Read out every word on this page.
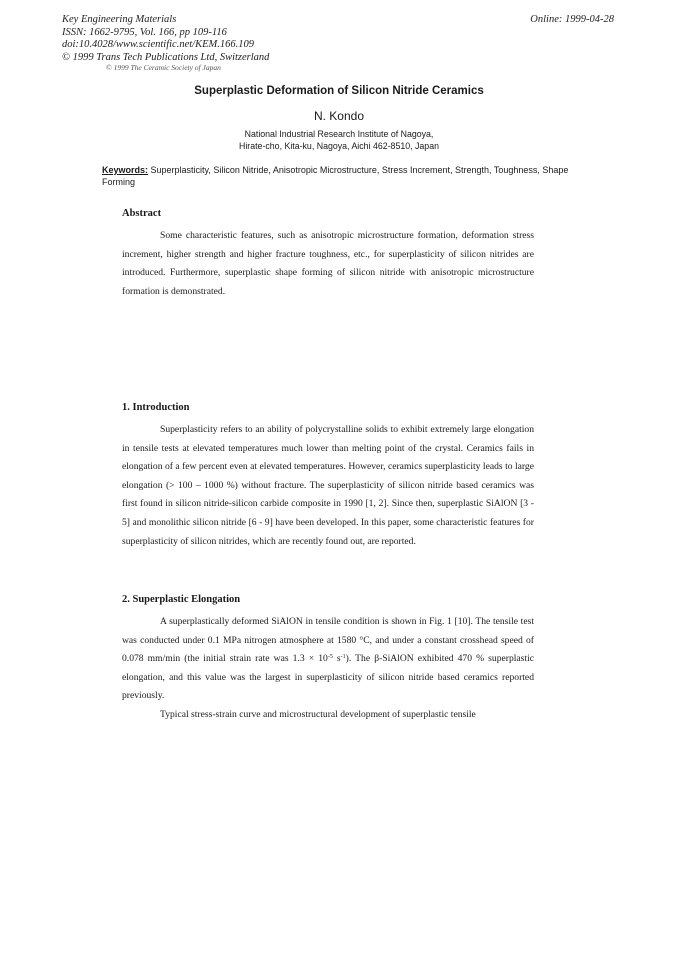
Key Engineering Materials
ISSN: 1662-9795, Vol. 166, pp 109-116
doi:10.4028/www.scientific.net/KEM.166.109
© 1999 Trans Tech Publications Ltd, Switzerland
Online: 1999-04-28
© 1999 The Ceramic Society of Japan
Superplastic Deformation of Silicon Nitride Ceramics
N. Kondo
National Industrial Research Institute of Nagoya,
Hirate-cho, Kita-ku, Nagoya, Aichi 462-8510, Japan
Keywords: Superplasticity, Silicon Nitride, Anisotropic Microstructure, Stress Increment, Strength, Toughness, Shape Forming
Abstract

Some characteristic features, such as anisotropic microstructure formation, deformation stress increment, higher strength and higher fracture toughness, etc., for superplasticity of silicon nitrides are introduced. Furthermore, superplastic shape forming of silicon nitride with anisotropic microstructure formation is demonstrated.

1. Introduction

Superplasticity refers to an ability of polycrystalline solids to exhibit extremely large elongation in tensile tests at elevated temperatures much lower than melting point of the crystal. Ceramics fails in elongation of a few percent even at elevated temperatures. However, ceramics superplasticity leads to large elongation (> 100 – 1000 %) without fracture. The superplasticity of silicon nitride based ceramics was first found in silicon nitride-silicon carbide composite in 1990 [1, 2]. Since then, superplastic SiAlON [3 - 5] and monolithic silicon nitride [6 - 9] have been developed. In this paper, some characteristic features for superplasticity of silicon nitrides, which are recently found out, are reported.

2. Superplastic Elongation

A superplastically deformed SiAlON in tensile condition is shown in Fig. 1 [10]. The tensile test was conducted under 0.1 MPa nitrogen atmosphere at 1580 °C, and under a constant crosshead speed of 0.078 mm/min (the initial strain rate was $1.3 \times 10^{-5}$ $s^{-1}$). The β-SiAlON exhibited 470 % superplastic elongation, and this value was the largest in superplasticity of silicon nitride based ceramics reported previously.

Typical stress-strain curve and microstructural development of superplastic tensile
